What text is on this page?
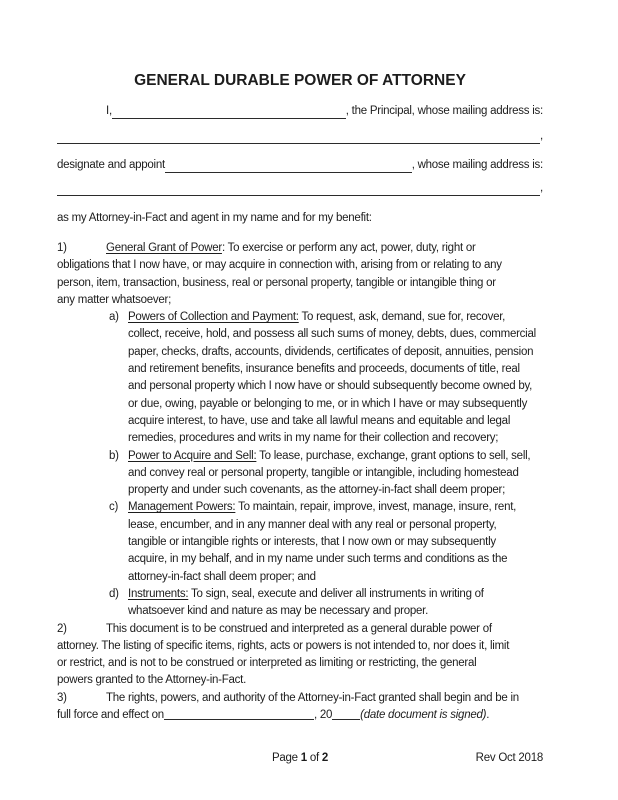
GENERAL DURABLE POWER OF ATTORNEY
I,	, the Principal, whose mailing address is:
,
designate and appoint	, whose mailing address is:
,
as my Attorney-in-Fact and agent in my name and for my benefit:
1)	General Grant of Power: To exercise or perform any act, power, duty, right or
obligations that I now have, or may acquire in connection with, arising from or relating to any
person, item, transaction, business, real or personal property, tangible or intangible thing or
any matter whatsoever;
a) Powers of Collection and Payment: To request, ask, demand, sue for, recover,
collect, receive, hold, and possess all such sums of money, debts, dues, commercial
paper, checks, drafts, accounts, dividends, certificates of deposit, annuities, pension
and retirement benefits, insurance benefits and proceeds, documents of title, real
and personal property which I now have or should subsequently become owned by,
or due, owing, payable or belonging to me, or in which I have or may subsequently
acquire interest, to have, use and take all lawful means and equitable and legal
remedies, procedures and writs in my name for their collection and recovery;
b) Power to Acquire and Sell: To lease, purchase, exchange, grant options to sell, sell,
and convey real or personal property, tangible or intangible, including homestead
property and under such covenants, as the attorney-in-fact shall deem proper;
c) Management Powers: To maintain, repair, improve, invest, manage, insure, rent,
lease, encumber, and in any manner deal with any real or personal property,
tangible or intangible rights or interests, that I now own or may subsequently
acquire, in my behalf, and in my name under such terms and conditions as the
attorney-in-fact shall deem proper; and
d) Instruments: To sign, seal, execute and deliver all instruments in writing of
whatsoever kind and nature as may be necessary and proper.
2)	This document is to be construed and interpreted as a general durable power of
attorney. The listing of specific items, rights, acts or powers is not intended to, nor does it, limit
or restrict, and is not to be construed or interpreted as limiting or restricting, the general
powers granted to the Attorney-in-Fact.
3)	The rights, powers, and authority of the Attorney-in-Fact granted shall begin and be in
full force and effect on	, 20 (date document is signed).
Page 1 of 2	Rev Oct 2018
